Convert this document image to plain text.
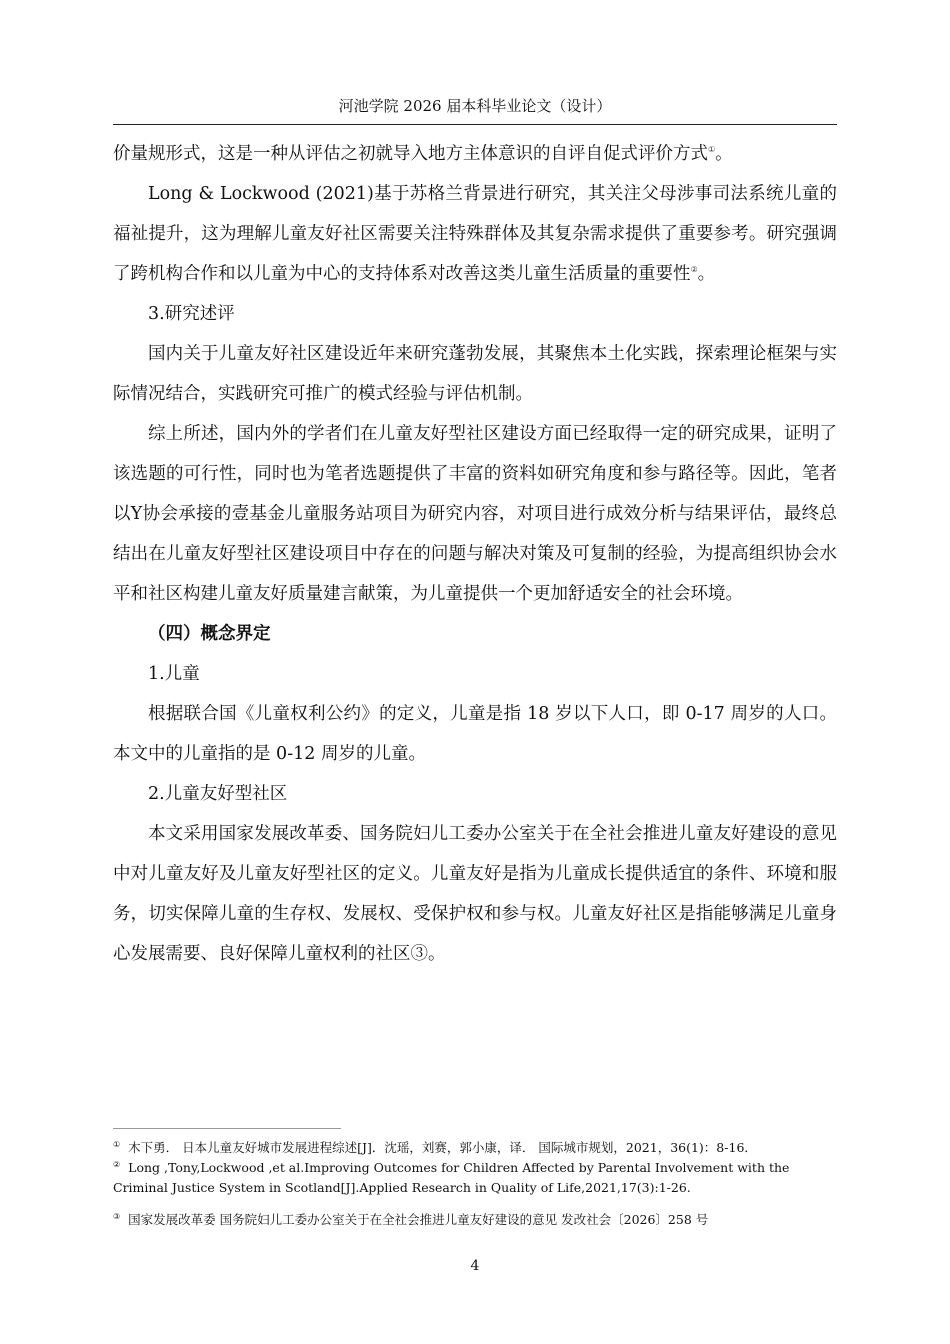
河池学院 2026 届本科毕业论文（设计）

价量规形式，这是一种从评估之初就导入地方主体意识的自评自促式评价方式①。

Long & Lockwood (2021)基于苏格兰背景进行研究，其关注父母涉事司法系统儿童的福祉提升，这为理解儿童友好社区需要关注特殊群体及其复杂需求提供了重要参考。研究强调了跨机构合作和以儿童为中心的支持体系对改善这类儿童生活质量的重要性②。

3.研究述评

国内关于儿童友好社区建设近年来研究蓬勃发展，其聚焦本土化实践，探索理论框架与实际情况结合，实践研究可推广的模式经验与评估机制。

综上所述，国内外的学者们在儿童友好型社区建设方面已经取得一定的研究成果，证明了该选题的可行性，同时也为笔者选题提供了丰富的资料如研究角度和参与路径等。因此，笔者以Y协会承接的壹基金儿童服务站项目为研究内容，对项目进行成效分析与结果评估，最终总结出在儿童友好型社区建设项目中存在的问题与解决对策及可复制的经验，为提高组织协会水平和社区构建儿童友好质量建言献策，为儿童提供一个更加舒适安全的社会环境。

（四）概念界定

1.儿童

根据联合国《儿童权利公约》的定义，儿童是指 18 岁以下人口，即 0-17 周岁的人口。本文中的儿童指的是 0-12 周岁的儿童。

2.儿童友好型社区

本文采用国家发展改革委、国务院妇儿工委办公室关于在全社会推进儿童友好建设的意见中对儿童友好及儿童友好型社区的定义。儿童友好是指为儿童成长提供适宜的条件、环境和服务，切实保障儿童的生存权、发展权、受保护权和参与权。儿童友好社区是指能够满足儿童身心发展需要、良好保障儿童权利的社区③。

① 木下勇． 日本儿童友好城市发展进程综述[J]．沈瑶，刘赛，郭小康，译． 国际城市规划，2021，36(1)：8-16．

② Long ,Tony,Lockwood ,et al.Improving Outcomes for Children Affected by Parental Involvement with the Criminal Justice System in Scotland[J].Applied Research in Quality of Life,2021,17(3):1-26.

③ 国家发展改革委 国务院妇儿工委办公室关于在全社会推进儿童友好建设的意见 发改社会〔2026〕258 号

4
